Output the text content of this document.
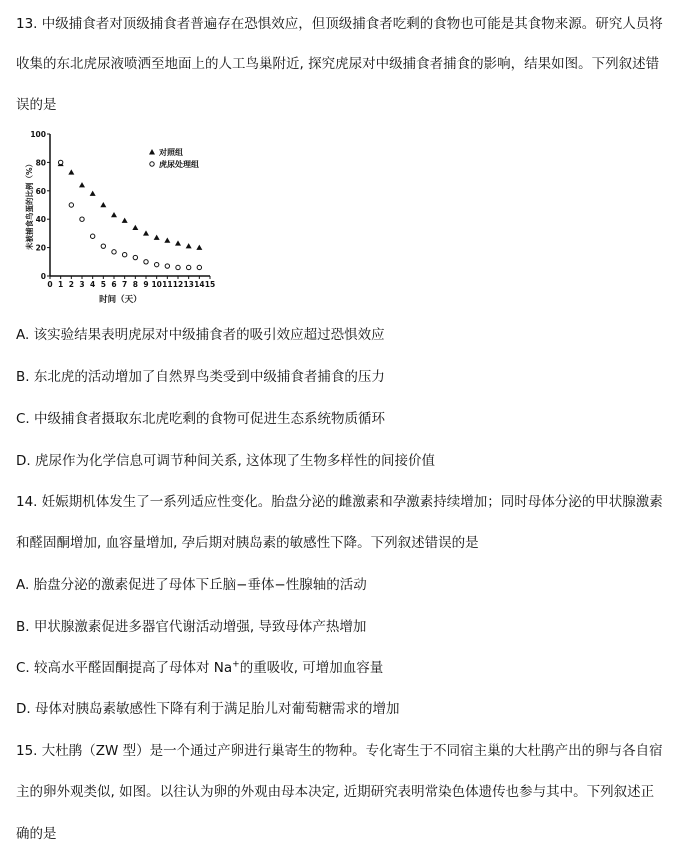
13. 中级捕食者对顶级捕食者普遍存在恐惧效应，但顶级捕食者吃剩的食物也可能是其食物来源。研究人员将
收集的东北虎尿液喷洒至地面上的人工鸟巢附近, 探究虎尿对中级捕食者捕食的影响，结果如图。下列叙述错
误的是
0
20
40
60
80
100
0 1 2 3 4 5 6 7 8 9 10 11 12 13 14 15
未被捕食鸟蛋的比例（%）
时间（天）
对照组
虎尿处理组
A. 该实验结果表明虎尿对中级捕食者的吸引效应超过恐惧效应
B. 东北虎的活动增加了自然界鸟类受到中级捕食者捕食的压力
C. 中级捕食者摄取东北虎吃剩的食物可促进生态系统物质循环
D. 虎尿作为化学信息可调节种间关系, 这体现了生物多样性的间接价值
14. 妊娠期机体发生了一系列适应性变化。胎盘分泌的雌激素和孕激素持续增加；同时母体分泌的甲状腺激素
和醛固酮增加, 血容量增加, 孕后期对胰岛素的敏感性下降。下列叙述错误的是
A. 胎盘分泌的激素促进了母体下丘脑−垂体−性腺轴的活动
B. 甲状腺激素促进多器官代谢活动增强, 导致母体产热增加
C. 较高水平醛固酮提高了母体对 Na+的重吸收, 可增加血容量
D. 母体对胰岛素敏感性下降有利于满足胎儿对葡萄糖需求的增加
15. 大杜鹃（ZW 型）是一个通过产卵进行巢寄生的物种。专化寄生于不同宿主巢的大杜鹃产出的卵与各自宿
主的卵外观类似, 如图。以往认为卵的外观由母本决定, 近期研究表明常染色体遗传也参与其中。下列叙述正
确的是
